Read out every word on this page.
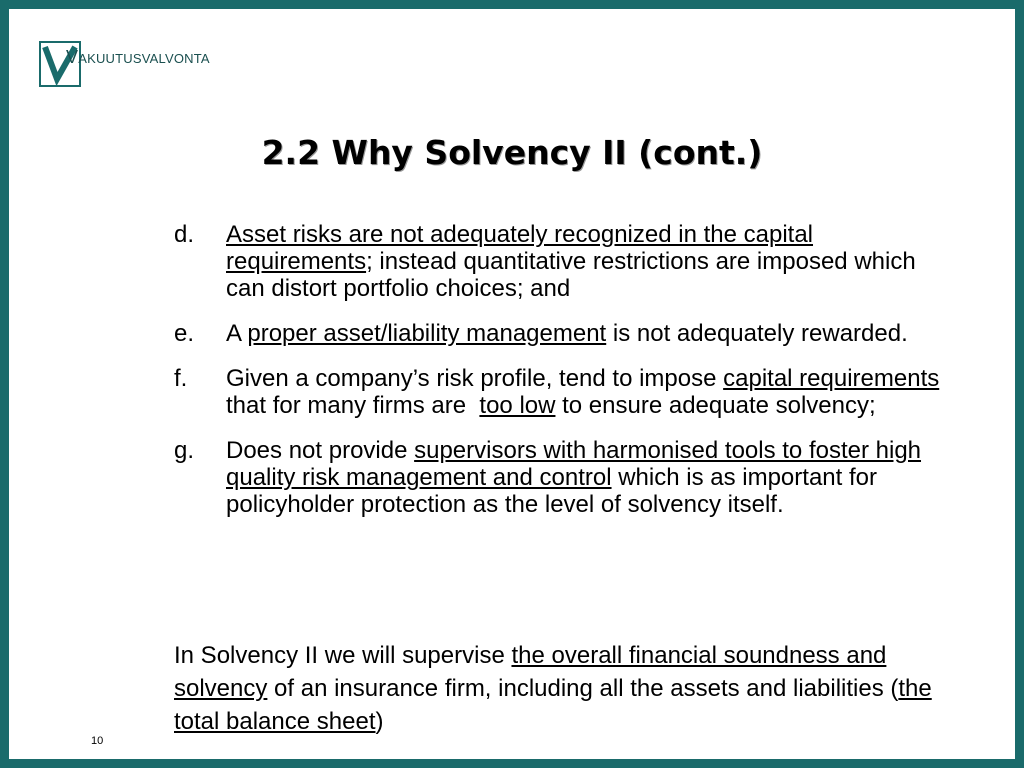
Vakuutusvalvonta
2.2 Why Solvency II (cont.)
d.	Asset risks are not adequately recognized in the capital requirements; instead quantitative restrictions are imposed which can distort portfolio choices; and
e.	A proper asset/liability management is not adequately rewarded.
f.	Given a company’s risk profile, tend to impose capital requirements that for many firms are  too low to ensure adequate solvency;
g.	Does not provide supervisors with harmonised tools to foster high quality risk management and control which is as important for policyholder protection as the level of solvency itself.
In Solvency II we will supervise the overall financial soundness and solvency of an insurance firm, including all the assets and liabilities (the total balance sheet)
10
